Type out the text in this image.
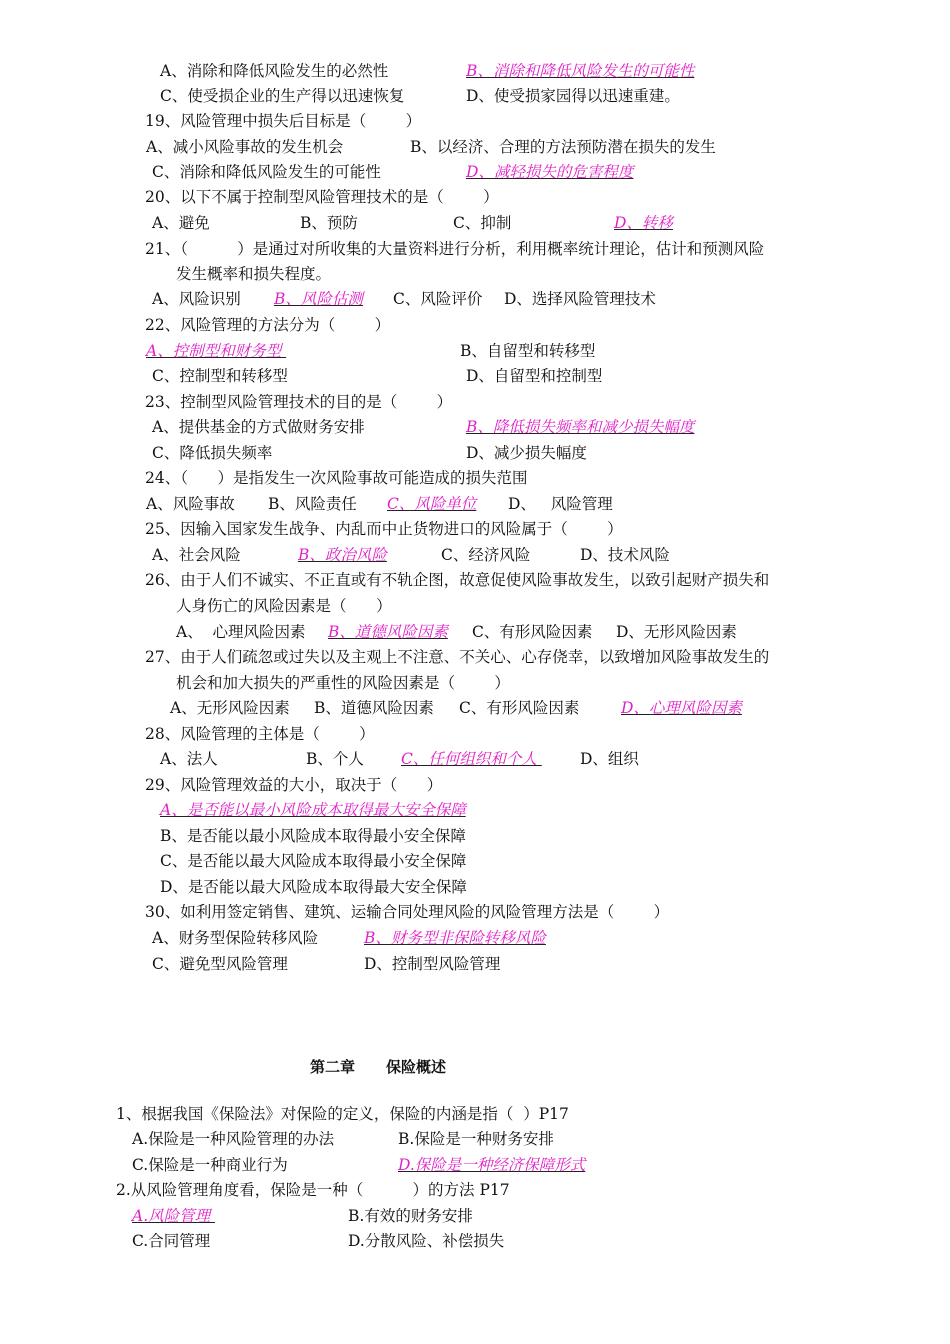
第二章 保险概述
A、消除和降低风险发生的必然性	B、消除和降低风险发生的可能性
C、使受损企业的生产得以迅速恢复	D、使受损家园得以迅速重建。
19、风险管理中损失后目标是（        ）
A、减小风险事故的发生机会	B、以经济、合理的方法预防潜在损失的发生
C、消除和降低风险发生的可能性	D、减轻损失的危害程度
20、以下不属于控制型风险管理技术的是（        ）
A、避免	B、预防	C、抑制	D、转移
21、（          ）是通过对所收集的大量资料进行分析，利用概率统计理论，估计和预测风险
发生概率和损失程度。
A、风险识别 B、风险估测 C、风险评价 D、选择风险管理技术
22、风险管理的方法分为（        ）
A、控制型和财务型	B、自留型和转移型
C、控制型和转移型	D、自留型和控制型
23、控制型风险管理技术的目的是（        ）
A、提供基金的方式做财务安排	B、降低损失频率和减少损失幅度
C、降低损失频率	D、减少损失幅度
24、（      ）是指发生一次风险事故可能造成的损失范围
A、风险事故 B、风险责任 C、风险单位 D、   风险管理
25、因输入国家发生战争、内乱而中止货物进口的风险属于（        ）
A、社会风险	B、政治风险	C、经济风险	D、技术风险
26、由于人们不诚实、不正直或有不轨企图，故意促使风险事故发生，以致引起财产损失和
人身伤亡的风险因素是（      ）
A、  心理风险因素 B、道德风险因素 C、有形风险因素 D、无形风险因素
27、由于人们疏忽或过失以及主观上不注意、不关心、心存侥幸，以致增加风险事故发生的
机会和加大损失的严重性的风险因素是（        ）
A、无形风险因素 B、道德风险因素 C、有形风险因素	D、心理风险因素
28、风险管理的主体是（        ）
A、法人	B、个人 C、任何组织和个人 D、组织
29、风险管理效益的大小，取决于（      ）
A、是否能以最小风险成本取得最大安全保障
B、是否能以最小风险成本取得最小安全保障
C、是否能以最大风险成本取得最小安全保障
D、是否能以最大风险成本取得最大安全保障
30、如利用签定销售、建筑、运输合同处理风险的风险管理方法是（        ）
A、财务型保险转移风险	B、财务型非保险转移风险
C、避免型风险管理	D、控制型风险管理
1、根据我国《保险法》对保险的定义，保险的内涵是指（  ）P17
A.保险是一种风险管理的办法	B.保险是一种财务安排
C.保险是一种商业行为	D.保险是一种经济保障形式
2.从风险管理角度看，保险是一种（          ）的方法 P17
A.风险管理	B.有效的财务安排
C.合同管理	D.分散风险、补偿损失
